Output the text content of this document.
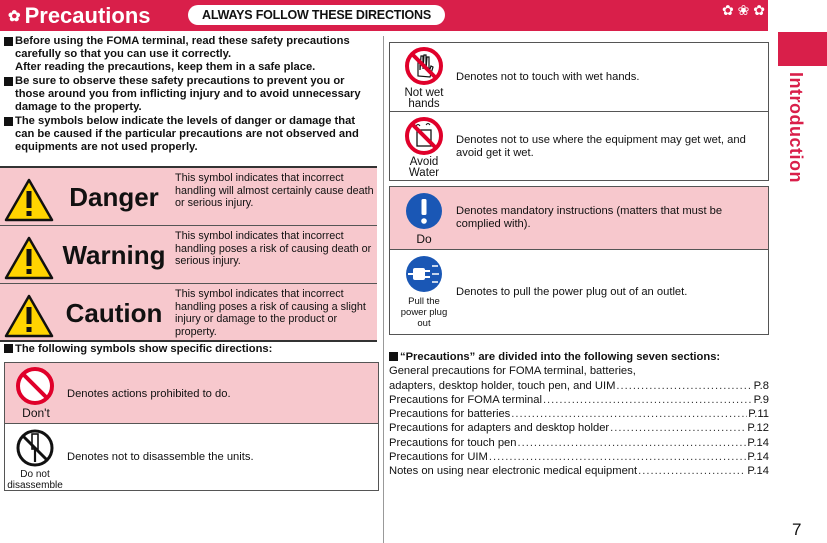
✿ Precautions	ALWAYS FOLLOW THESE DIRECTIONS	✿ ❀ ✿
Introduction
7
Before using the FOMA terminal, read these safety precautions carefully so that you can use it correctly.
After reading the precautions, keep them in a safe place.
Be sure to observe these safety precautions to prevent you or those around you from inflicting injury and to avoid unnecessary damage to the property.
The symbols below indicate the levels of danger or damage that can be caused if the particular precautions are not observed and equipments are not used properly.
Danger
This symbol indicates that incorrect handling will almost certainly cause death or serious injury.
Warning
This symbol indicates that incorrect handling poses a risk of causing death or serious injury.
Caution
This symbol indicates that incorrect handling poses a risk of causing a slight injury or damage to the product or property.
The following symbols show specific directions:
Don't
Denotes actions prohibited to do.
Do not disassemble
Denotes not to disassemble the units.
Not wet hands
Denotes not to touch with wet hands.
Avoid Water
Denotes not to use where the equipment may get wet, and avoid get it wet.
Do
Denotes mandatory instructions (matters that must be complied with).
Pull the power plug out
Denotes to pull the power plug out of an outlet.
“Precautions” are divided into the following seven sections:
General precautions for FOMA terminal, batteries,
adapters, desktop holder, touch pen, and UIM .....	P.8
Precautions for FOMA terminal .....	P.9
Precautions for batteries .....	P.11
Precautions for adapters and desktop holder .....	P.12
Precautions for touch pen .....	P.14
Precautions for UIM .....	P.14
Notes on using near electronic medical equipment .....	P.14
